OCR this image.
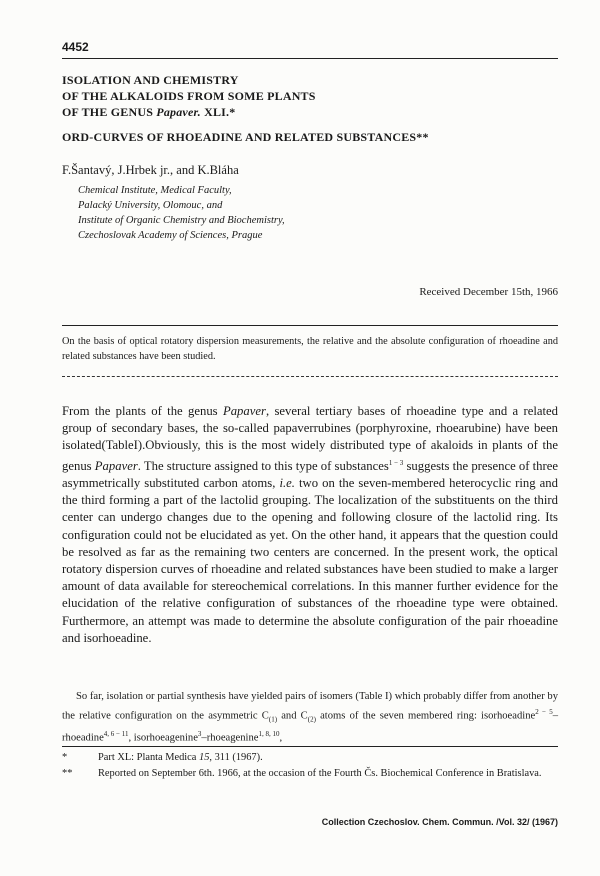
4452
ISOLATION AND CHEMISTRY
OF THE ALKALOIDS FROM SOME PLANTS
OF THE GENUS Papaver. XLI.*
ORD-CURVES OF RHOEADINE AND RELATED SUBSTANCES**
F.Šantavý, J.Hrbek jr., and K.Bláha
Chemical Institute, Medical Faculty,
Palacký University, Olomouc, and
Institute of Organic Chemistry and Biochemistry,
Czechoslovak Academy of Sciences, Prague
Received December 15th, 1966
On the basis of optical rotatory dispersion measurements, the relative and the absolute configuration of rhoeadine and related substances have been studied.

From the plants of the genus Papaver, several tertiary bases of rhoeadine type and a related group of secondary bases, the so-called papaverrubines (porphyroxine, rhoearubine) have been isolated(TableI).Obviously, this is the most widely distributed type of akaloids in plants of the genus Papaver. The structure assigned to this type of substances$^{1 - 3}$ suggests the presence of three asymmetrically substituted carbon atoms, i.e. two on the seven-membered heterocyclic ring and the third forming a part of the lactolid grouping. The localization of the substituents on the third center can undergo changes due to the opening and following closure of the lactolid ring. Its configuration could not be elucidated as yet. On the other hand, it appears that the question could be resolved as far as the remaining two centers are concerned. In the present work, the optical rotatory dispersion curves of rhoeadine and related substances have been studied to make a larger amount of data available for stereochemical correlations. In this manner further evidence for the elucidation of the relative configuration of substances of the rhoeadine type were obtained. Furthermore, an attempt was made to determine the absolute configuration of the pair rhoeadine and isorhoeadine.

So far, isolation or partial synthesis have yielded pairs of isomers (Table I) which probably differ from another by the relative configuration on the asymmetric $C_{(1)}$ and $C_{(2)}$ atoms of the seven membered ring: isorhoeadine$^{2 - 5}$–rhoeadine$^{4, 6 - 11}$, isorhoeagenine$^3$–rhoeagenine$^{1, 8, 10}$,
*	Part XL: Planta Medica 15, 311 (1967).
** Reported on September 6th. 1966, at the occasion of the Fourth Čs. Biochemical Conference in Bratislava.
Collection Czechoslov. Chem. Commun. /Vol. 32/ (1967)
